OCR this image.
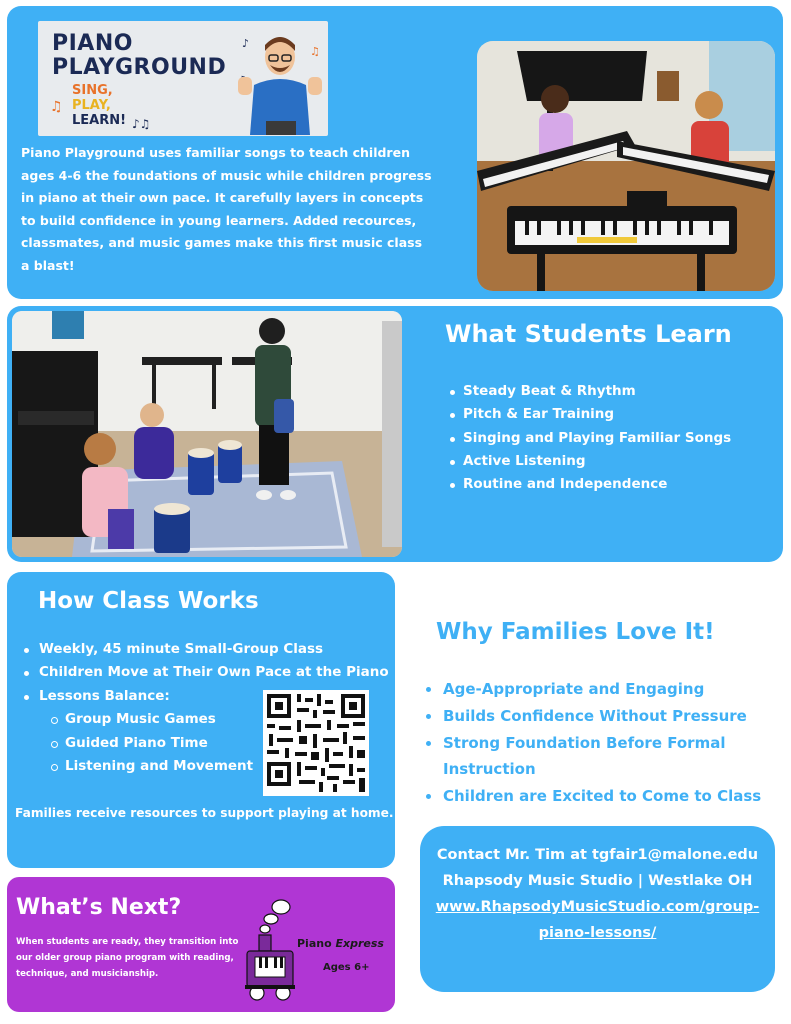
PIANO
PLAYGROUND
SING,
PLAY,
LEARN!
♫
♪♫
♪
♫

Piano Playground uses familiar songs to teach children ages 4-6 the foundations of music while children progress in piano at their own pace. It carefully layers in concepts to build confidence in young learners. Added recources, classmates, and music games make this first music class a blast!

What Students Learn
Steady Beat & Rhythm
Pitch & Ear Training
Singing and Playing Familiar Songs
Active Listening
Routine and Independence
How Class Works
Weekly, 45 minute Small-Group Class
Children Move at Their Own Pace at the Piano
Lessons Balance:
Group Music Games
Guided Piano Time
Listening and Movement

Families receive resources to support playing at home.

Why Families Love It!
Age-Appropriate and Engaging
Builds Confidence Without Pressure
Strong Foundation Before Formal Instruction
Children are Excited to Come to Class
Contact Mr. Tim at tgfair1@malone.edu
Rhapsody Music Studio | Westlake OH
www.RhapsodyMusicStudio.com/group-
piano-lessons/
What’s Next?

When students are ready, they transition into our older group piano program with reading, technique, and musicianship.

Piano Express
Ages 6+
